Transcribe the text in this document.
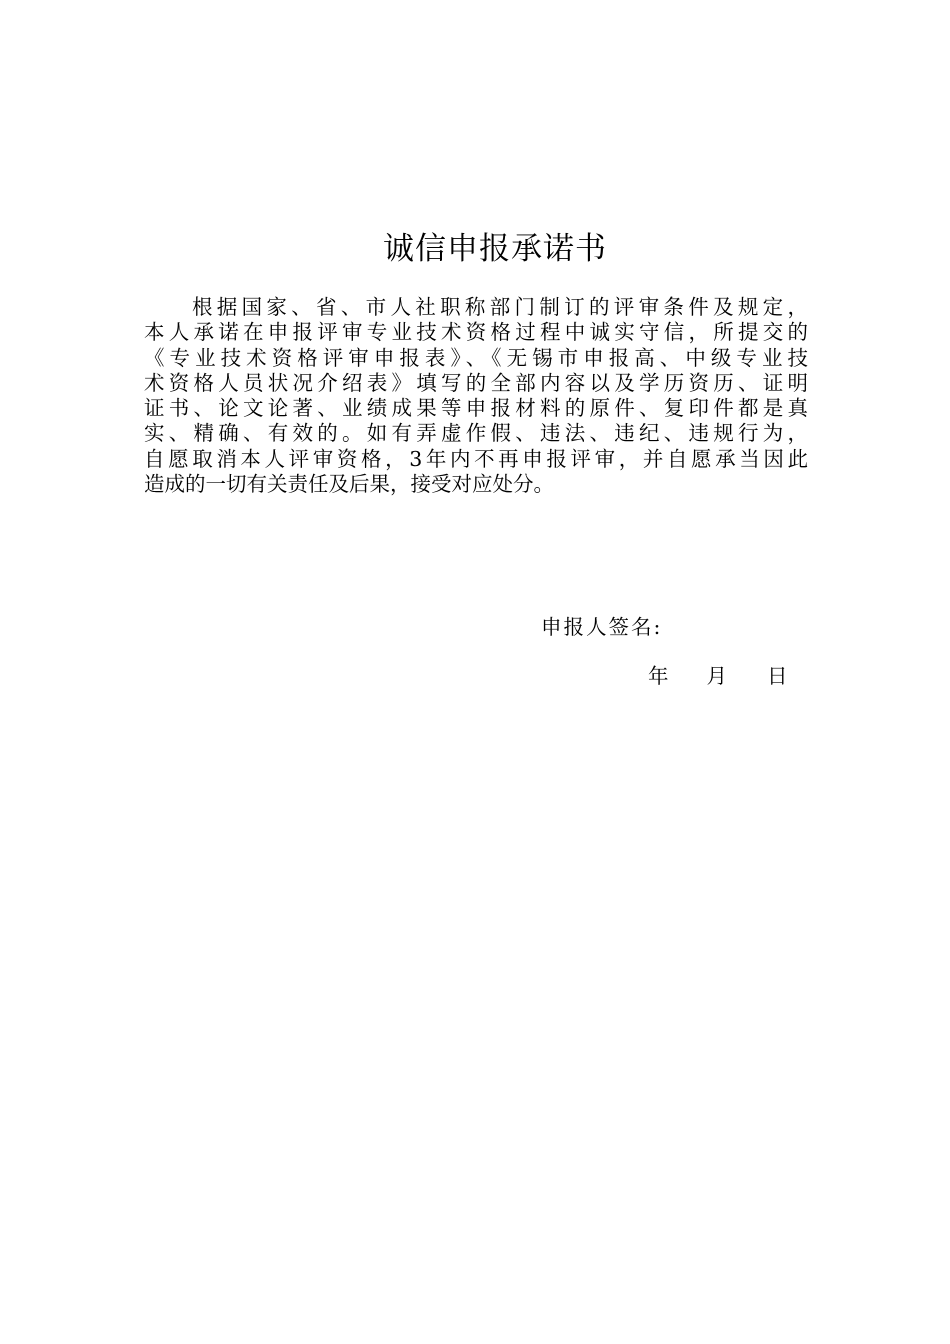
诚信申报承诺书
根据国家、省、市人社职称部门制订的评审条件及规定，
本人承诺在申报评审专业技术资格过程中诚实守信，所提交的
《专业技术资格评审申报表》、《无锡市申报高、中级专业技
术资格人员状况介绍表》填写的全部内容以及学历资历、证明
证书、论文论著、业绩成果等申报材料的原件、复印件都是真
实、精确、有效的。如有弄虚作假、违法、违纪、违规行为，
自愿取消本人评审资格，3年内不再申报评审，并自愿承当因此
造成的一切有关责任及后果，接受对应处分。
申报人签名:
年 月 日
